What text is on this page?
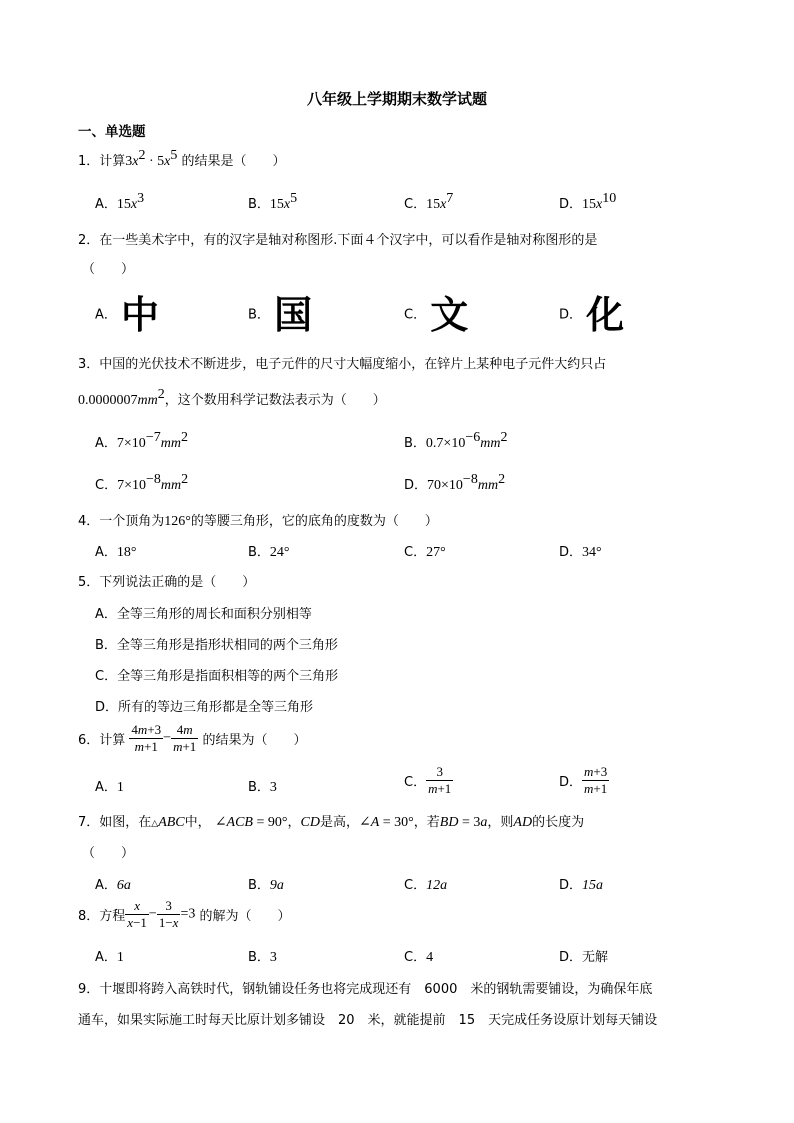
八年级上学期期末数学试题
一、单选题
1．计算$3x^2 \cdot 5x^5$ 的结果是（　　）
A．$15x^3$	B．$15x^5$	C．$15x^7$	D．$15x^{10}$
2．在一些美术字中，有的汉字是轴对称图形.下面４个汉字中，可以看作是轴对称图形的是
（　　）
A． 中	B． 国	C． 文	D． 化
3．中国的光伏技术不断进步，电子元件的尺寸大幅度缩小，在锌片上某种电子元件大约只占
$0.0000007mm^2$，这个数用科学记数法表示为（　　）
A．$7\times 10^{-7}mm^2$	B．$0.7\times 10^{-6}mm^2$
C．$7\times 10^{-8}mm^2$	D．$70\times 10^{-8}mm^2$
4．一个顶角为126°的等腰三角形，它的底角的度数为（　　）
A．18°	B．24°	C．27°	D．34°
5．下列说法正确的是（　　）
A．全等三角形的周长和面积分别相等
B．全等三角形是指形状相同的两个三角形
C．全等三角形是指面积相等的两个三角形
D．所有的等边三角形都是全等三角形
6．计算 $\frac{4m+3}{m+1} - \frac{4m}{m+1}$ 的结果为（　　）
A．1	B．3	C． $\frac{3}{m+1}$	D． $\frac{m+3}{m+1}$
7．如图，在△ABC中， ∠ACB = 90°，CD是高，∠A = 30°，若BD = 3a，则AD的长度为
（　　）
A．6a	B．9a	C．12a	D．15a
8．方程 $\frac{x}{x-1} - \frac{3}{1-x} =3$ 的解为（　　）
A．1	B．3	C．4	D．无解
9．十堰即将跨入高铁时代，钢轨铺设任务也将完成现还有　6000　米的钢轨需要铺设，为确保年底
通车，如果实际施工时每天比原计划多铺设　20　米，就能提前　15　天完成任务设原计划每天铺设
